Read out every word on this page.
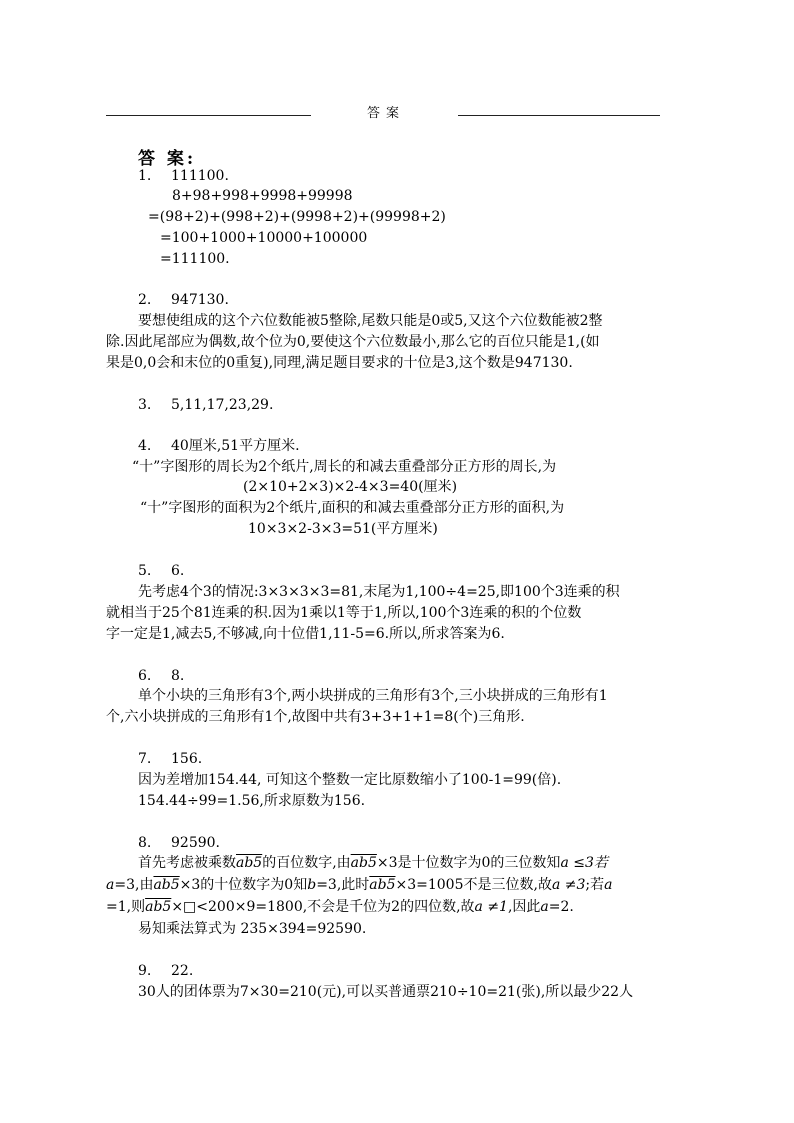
答案
答 案:
1. 111100.
8+98+998+9998+99998
=(98+2)+(998+2)+(9998+2)+(99998+2)
=100+1000+10000+100000
=111100.
2. 947130.
要想使组成的这个六位数能被5整除,尾数只能是0或5,又这个六位数能被2整
除.因此尾部应为偶数,故个位为0,要使这个六位数最小,那么它的百位只能是1,(如
果是0,0会和末位的0重复),同理,满足题目要求的十位是3,这个数是947130.
3. 5,11,17,23,29.
4. 40厘米,51平方厘米.
“十”字图形的周长为2个纸片,周长的和减去重叠部分正方形的周长,为
(2×10+2×3)×2-4×3=40(厘米)
“十”字图形的面积为2个纸片,面积的和减去重叠部分正方形的面积,为
10×3×2-3×3=51(平方厘米)
5. 6.
先考虑4个3的情况:3×3×3×3=81,末尾为1,100÷4=25,即100个3连乘的积
就相当于25个81连乘的积.因为1乘以1等于1,所以,100个3连乘的积的个位数
字一定是1,减去5,不够减,向十位借1,11-5=6.所以,所求答案为6.
6. 8.
单个小块的三角形有3个,两小块拼成的三角形有3个,三小块拼成的三角形有1
个,六小块拼成的三角形有1个,故图中共有3+3+1+1=8(个)三角形.
7. 156.
因为差增加154.44, 可知这个整数一定比原数缩小了100-1=99(倍).
154.44÷99=1.56,所求原数为156.
8. 92590.
首先考虑被乘数ab5的百位数字,由ab5×3是十位数字为0的三位数知a ≤3若
a=3,由ab5×3的十位数字为0知b=3,此时ab5×3=1005不是三位数,故a ≠3;若a
=1,则ab5×□<200×9=1800,不会是千位为2的四位数,故a ≠1,因此a=2.
易知乘法算式为 235×394=92590.
9. 22.
30人的团体票为7×30=210(元),可以买普通票210÷10=21(张),所以最少22人
